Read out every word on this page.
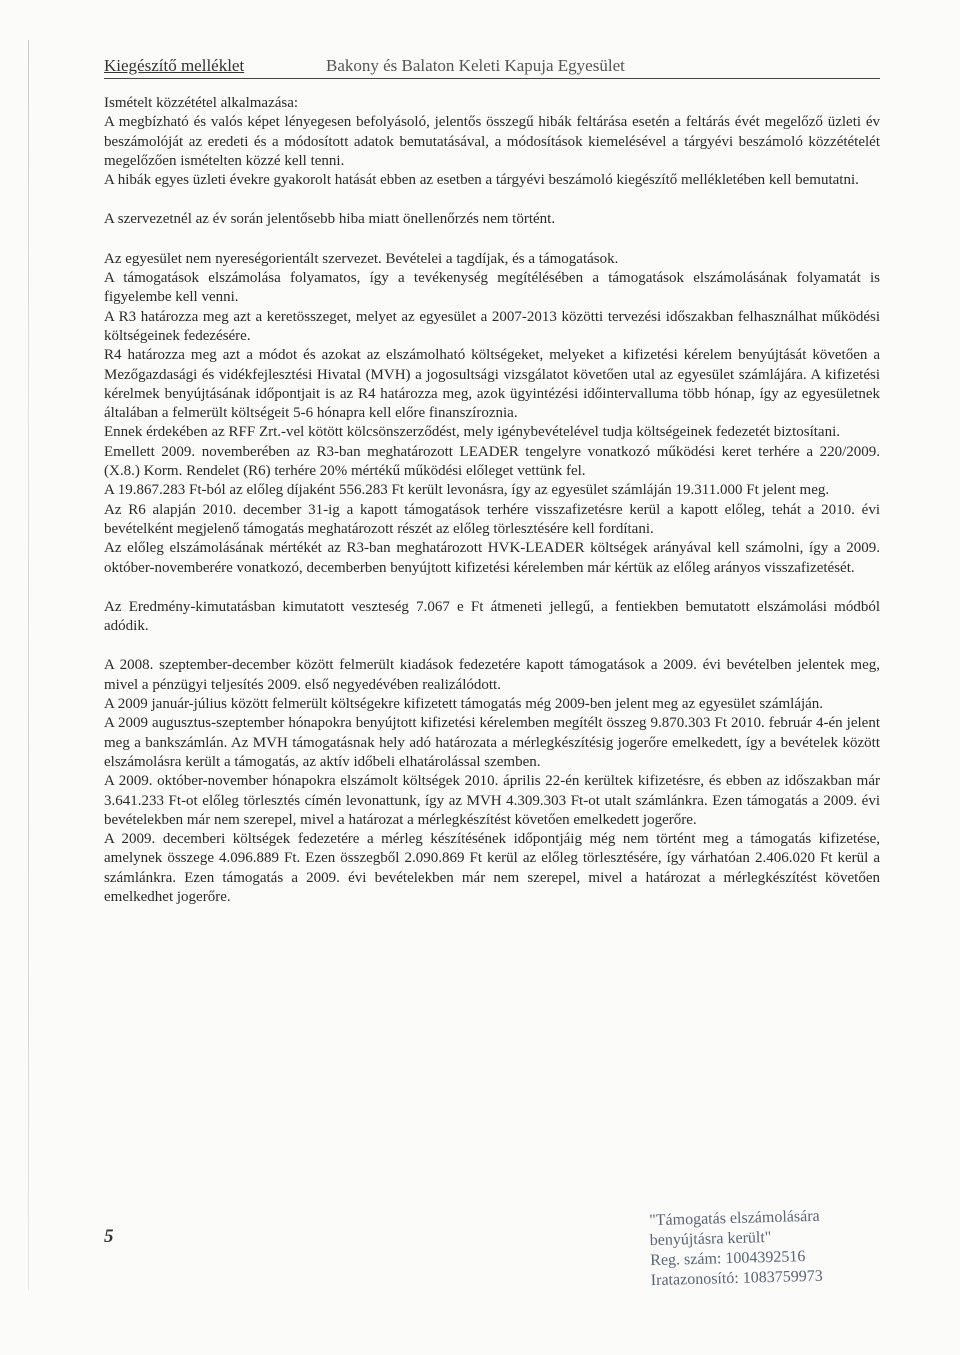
Kiegészítő melléklet	Bakony és Balaton Keleti Kapuja Egyesület

Ismételt közzététel alkalmazása:

A megbízható és valós képet lényegesen befolyásoló, jelentős összegű hibák feltárása esetén a feltárás évét megelőző üzleti év beszámolóját az eredeti és a módosított adatok bemutatásával, a módosítások kiemelésével a tárgyévi beszámoló közzétételét megelőzően ismételten közzé kell tenni.

A hibák egyes üzleti évekre gyakorolt hatását ebben az esetben a tárgyévi beszámoló kiegészítő mellékletében kell bemutatni.

A szervezetnél az év során jelentősebb hiba miatt önellenőrzés nem történt.

Az egyesület nem nyereségorientált szervezet. Bevételei a tagdíjak, és a támogatások.

A támogatások elszámolása folyamatos, így a tevékenység megítélésében a támogatások elszámolásának folyamatát is figyelembe kell venni.

A R3 határozza meg azt a keretösszeget, melyet az egyesület a 2007-2013 közötti tervezési időszakban felhasználhat működési költségeinek fedezésére.

R4 határozza meg azt a módot és azokat az elszámolható költségeket, melyeket a kifizetési kérelem benyújtását követően a Mezőgazdasági és vidékfejlesztési Hivatal (MVH) a jogosultsági vizsgálatot követően utal az egyesület számlájára. A kifizetési kérelmek benyújtásának időpontjait is az R4 határozza meg, azok ügyintézési időintervalluma több hónap, így az egyesületnek általában a felmerült költségeit 5-6 hónapra kell előre finanszíroznia.

Ennek érdekében az RFF Zrt.-vel kötött kölcsönszerződést, mely igénybevételével tudja költségeinek fedezetét biztosítani.

Emellett 2009. novemberében az R3-ban meghatározott LEADER tengelyre vonatkozó működési keret terhére a 220/2009. (X.8.) Korm. Rendelet (R6) terhére 20% mértékű működési előleget vettünk fel.

A 19.867.283 Ft-ból az előleg díjaként 556.283 Ft került levonásra, így az egyesület számláján 19.311.000 Ft jelent meg.

Az R6 alapján 2010. december 31-ig a kapott támogatások terhére visszafizetésre kerül a kapott előleg, tehát a 2010. évi bevételként megjelenő támogatás meghatározott részét az előleg törlesztésére kell fordítani.

Az előleg elszámolásának mértékét az R3-ban meghatározott HVK-LEADER költségek arányával kell számolni, így a 2009. október-novemberére vonatkozó, decemberben benyújtott kifizetési kérelemben már kértük az előleg arányos visszafizetését.

Az Eredmény-kimutatásban kimutatott veszteség 7.067 e Ft átmeneti jellegű, a fentiekben bemutatott elszámolási módból adódik.

A 2008. szeptember-december között felmerült kiadások fedezetére kapott támogatások a 2009. évi bevételben jelentek meg, mivel a pénzügyi teljesítés 2009. első negyedévében realizálódott.

A 2009 január-július között felmerült költségekre kifizetett támogatás még 2009-ben jelent meg az egyesület számláján.

A 2009 augusztus-szeptember hónapokra benyújtott kifizetési kérelemben megítélt összeg 9.870.303 Ft 2010. február 4-én jelent meg a bankszámlán. Az MVH támogatásnak hely adó határozata a mérlegkészítésig jogerőre emelkedett, így a bevételek között elszámolásra került a támogatás, az aktív időbeli elhatárolással szemben.

A 2009. október-november hónapokra elszámolt költségek 2010. április 22-én kerültek kifizetésre, és ebben az időszakban már 3.641.233 Ft-ot előleg törlesztés címén levonattunk, így az MVH 4.309.303 Ft-ot utalt számlánkra. Ezen támogatás a 2009. évi bevételekben már nem szerepel, mivel a határozat a mérlegkészítést követően emelkedett jogerőre.

A 2009. decemberi költségek fedezetére a mérleg készítésének időpontjáig még nem történt meg a támogatás kifizetése, amelynek összege 4.096.889 Ft. Ezen összegből 2.090.869 Ft kerül az előleg törlesztésére, így várhatóan 2.406.020 Ft kerül a számlánkra. Ezen támogatás a 2009. évi bevételekben már nem szerepel, mivel a határozat a mérlegkészítést követően emelkedhet jogerőre.

5
"Támogatás elszámolására
benyújtásra került"
Reg. szám: 1004392516
Iratazonosító: 1083759973
